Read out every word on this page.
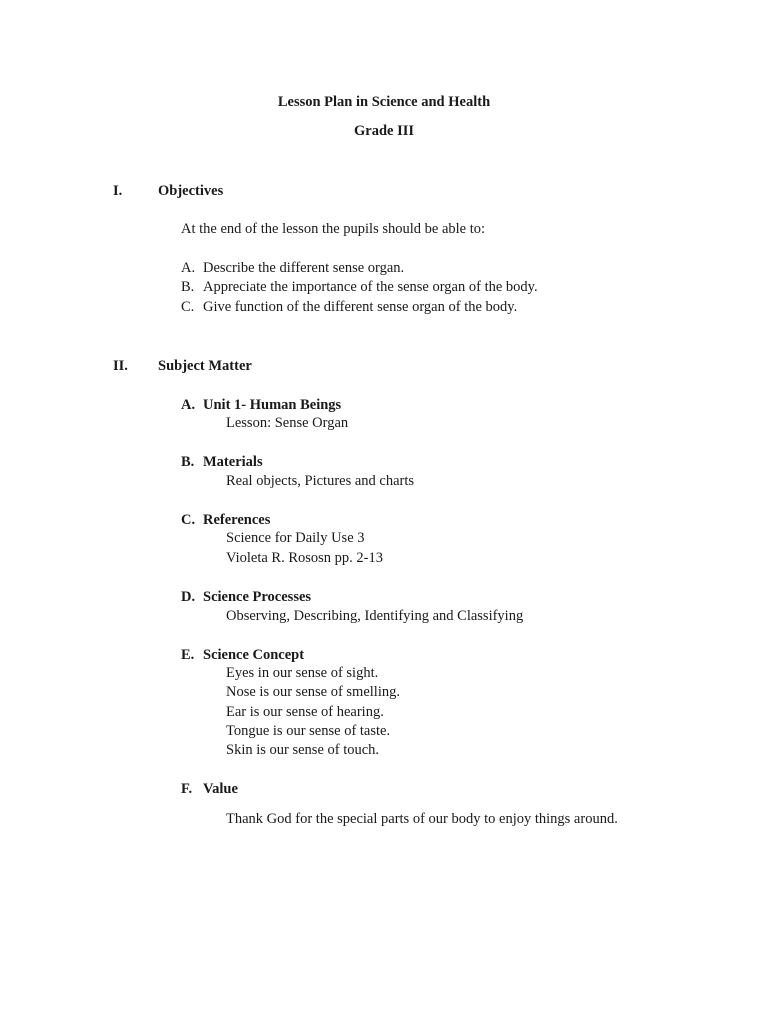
Lesson Plan in Science and Health
Grade III
I. Objectives
At the end of the lesson the pupils should be able to:
A. Describe the different sense organ.
B. Appreciate the importance of the sense organ of the body.
C. Give function of the different sense organ of the body.
II. Subject Matter
A. Unit 1- Human Beings
Lesson: Sense Organ
B. Materials
Real objects, Pictures and charts
C. References
Science for Daily Use 3
Violeta R. Rososn pp. 2-13
D. Science Processes
Observing, Describing, Identifying and Classifying
E. Science Concept
Eyes in our sense of sight.
Nose is our sense of smelling.
Ear is our sense of hearing.
Tongue is our sense of taste.
Skin is our sense of touch.
F. Value
Thank God for the special parts of our body to enjoy things around.
